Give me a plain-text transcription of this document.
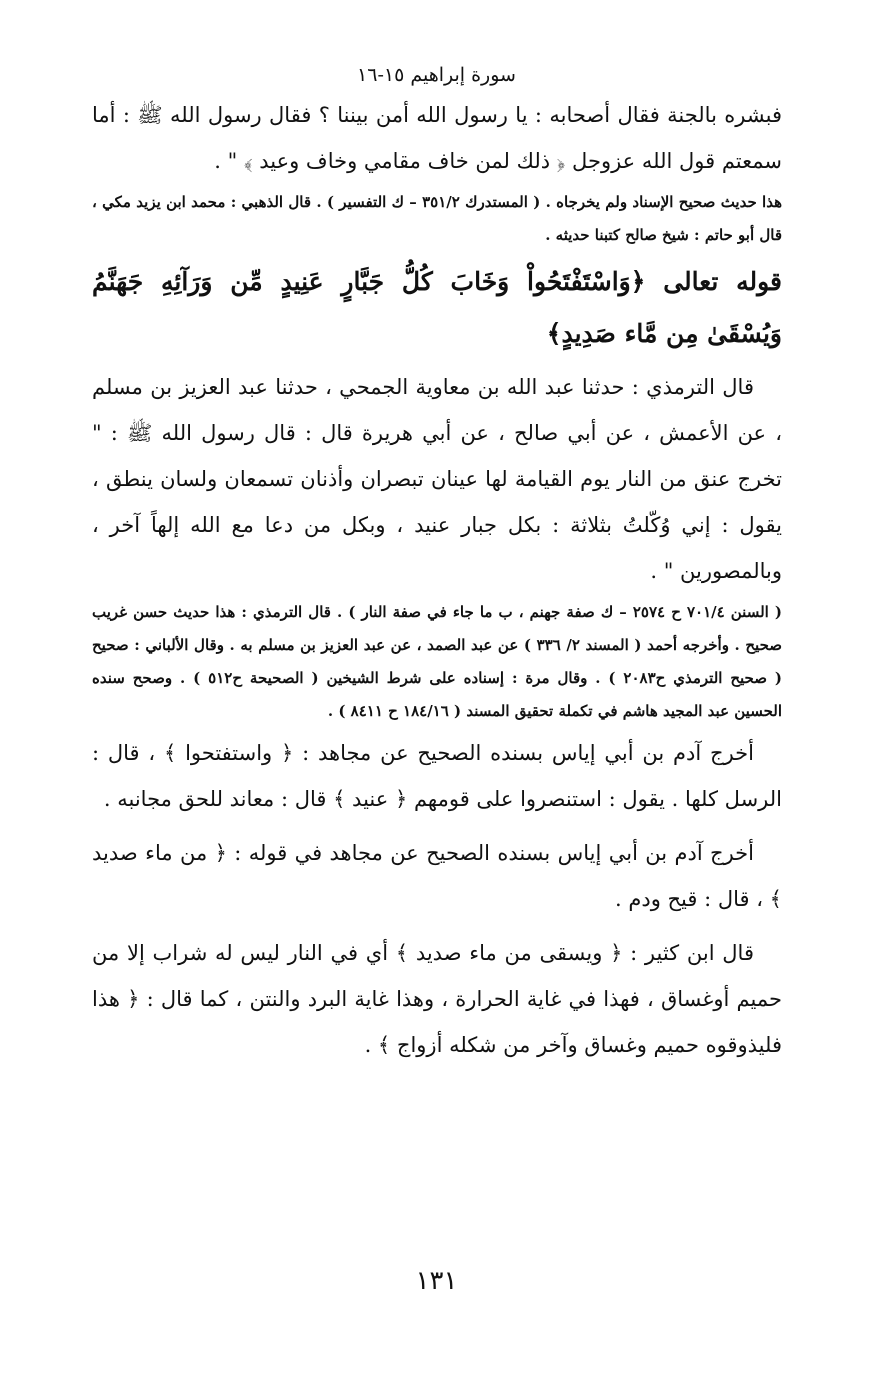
سورة إبراهيم ١٥-١٦

فبشره بالجنة فقال أصحابه : يا رسول الله أمن بيننا ؟ فقال رسول الله ﷺ : أما سمعتم قول الله عزوجل ﴿ ذلك لمن خاف مقامي وخاف وعيد ﴾ " .

هذا حديث صحيح الإسناد ولم يخرجاه . ( المستدرك ٣٥١/٢ – ك التفسير ) . قال الذهبي : محمد ابن يزيد مكي ، قال أبو حاتم : شيخ صالح كتبنا حديثه .

قوله تعالى ﴿وَاسْتَفْتَحُواْ وَخَابَ كُلُّ جَبَّارٍ عَنِيدٍ مِّن وَرَآئِهِ جَهَنَّمُ وَيُسْقَىٰ مِن مَّاء صَدِيدٍ﴾

قال الترمذي : حدثنا عبد الله بن معاوية الجمحي ، حدثنا عبد العزيز بن مسلم ، عن الأعمش ، عن أبي صالح ، عن أبي هريرة قال : قال رسول الله ﷺ : " تخرج عنق من النار يوم القيامة لها عينان تبصران وأذنان تسمعان ولسان ينطق ، يقول : إني وُكّلتُ بثلاثة : بكل جبار عنيد ، وبكل من دعا مع الله إلهاً آخر ، وبالمصورين " .

( السنن ٧٠١/٤ ح ٢٥٧٤ – ك صفة جهنم ، ب ما جاء في صفة النار ) . قال الترمذي : هذا حديث حسن غريب صحيح . وأخرجه أحمد ( المسند ٢/ ٣٣٦ ) عن عبد الصمد ، عن عبد العزيز بن مسلم به . وقال الألباني : صحيح ( صحيح الترمذي ح٢٠٨٣ ) . وقال مرة : إسناده على شرط الشيخين ( الصحيحة ح٥١٢ ) . وصحح سنده الحسين عبد المجيد هاشم في تكملة تحقيق المسند ( ١٨٤/١٦ ح ٨٤١١ ) .

أخرج آدم بن أبي إياس بسنده الصحيح عن مجاهد : ﴿ واستفتحوا ﴾ ، قال : الرسل كلها . يقول : استنصروا على قومهم ﴿ عنيد ﴾ قال : معاند للحق مجانبه .

أخرج آدم بن أبي إياس بسنده الصحيح عن مجاهد في قوله : ﴿ من ماء صديد ﴾ ، قال : قيح ودم .

قال ابن كثير : ﴿ ويسقى من ماء صديد ﴾ أي في النار ليس له شراب إلا من حميم أوغساق ، فهذا في غاية الحرارة ، وهذا غاية البرد والنتن ، كما قال : ﴿ هذا فليذوقوه حميم وغساق وآخر من شكله أزواج ﴾ .

١٣١
